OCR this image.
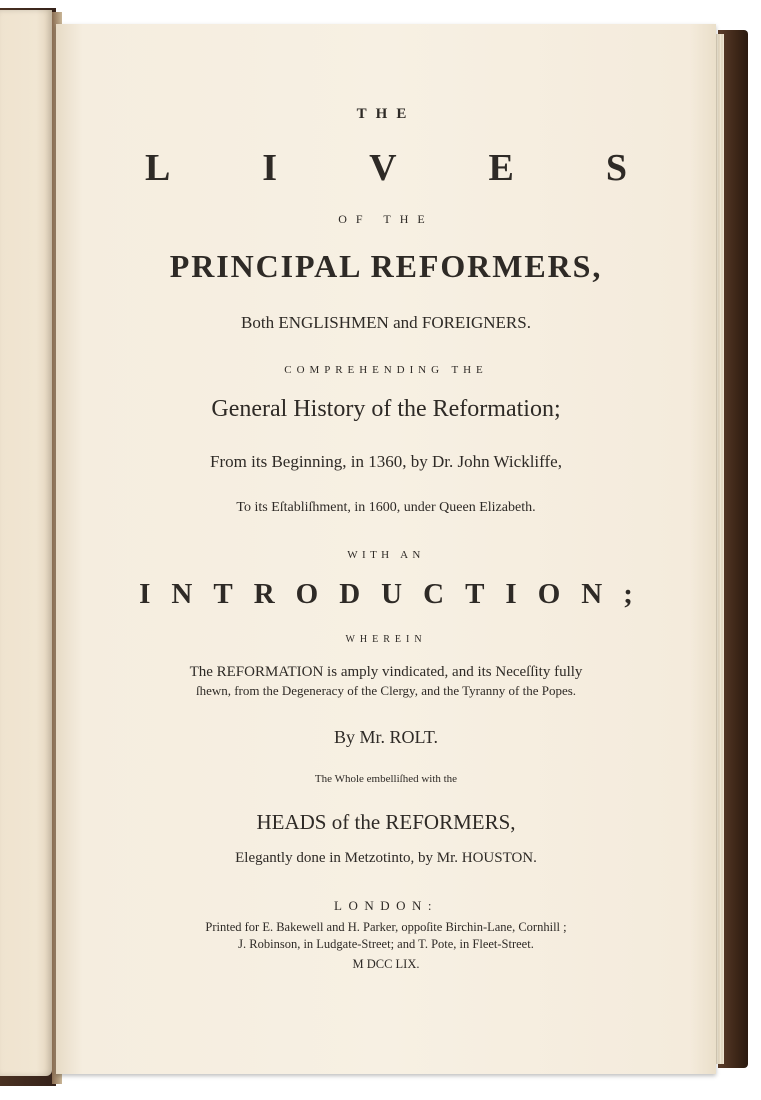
THE
L I V E S
OF THE
PRINCIPAL REFORMERS,
Both ENGLISHMEN and FOREIGNERS.
COMPREHENDING THE
General History of the Reformation;
From its Beginning, in 1360, by Dr. John Wickliffe,
To its Eſtabliſhment, in 1600, under Queen Elizabeth.
WITH AN
I N T R O D U C T I O N ;
WHEREIN
The REFORMATION is amply vindicated, and its Neceſſity fully
ſhewn, from the Degeneracy of the Clergy, and the Tyranny of the Popes.
By Mr. ROLT.
The Whole embelliſhed with the
HEADS of the REFORMERS,
Elegantly done in Metzotinto, by Mr. HOUSTON.
LONDON:
Printed for E. Bakewell and H. Parker, oppoſite Birchin-Lane, Cornhill ;
J. Robinson, in Ludgate-Street; and T. Pote, in Fleet-Street.
M DCC LIX.
